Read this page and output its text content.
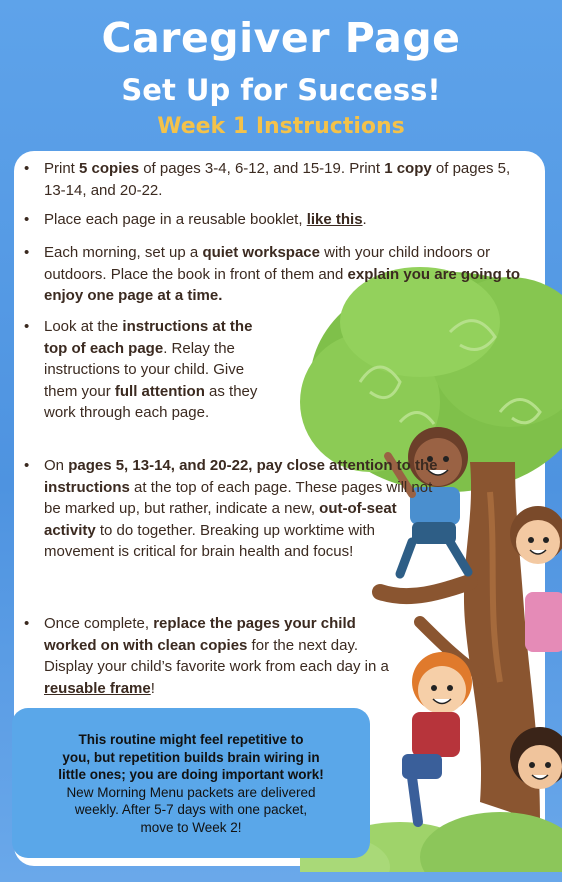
Caregiver Page
Set Up for Success!
Week 1 Instructions
• Print 5 copies of pages 3-4, 6-12, and 15-19. Print 1 copy of pages 5, 13-14, and 20-22.
• Place each page in a reusable booklet, like this.
• Each morning, set up a quiet workspace with your child indoors or outdoors. Place the book in front of them and explain you are going to enjoy one page at a time.
• Look at the instructions at the top of each page. Relay the instructions to your child. Give them your full attention as they work through each page.
• On pages 5, 13-14, and 20-22, pay close attention to the instructions at the top of each page. These pages will not be marked up, but rather, indicate a new, out-of-seat activity to do together. Breaking up worktime with movement is critical for brain health and focus!
• Once complete, replace the pages your child worked on with clean copies for the next day. Display your child’s favorite work from each day in a reusable frame!
This routine might feel repetitive to
you, but repetition builds brain wiring in
little ones; you are doing important work!
New Morning Menu packets are delivered
weekly. After 5-7 days with one packet,
move to Week 2!
